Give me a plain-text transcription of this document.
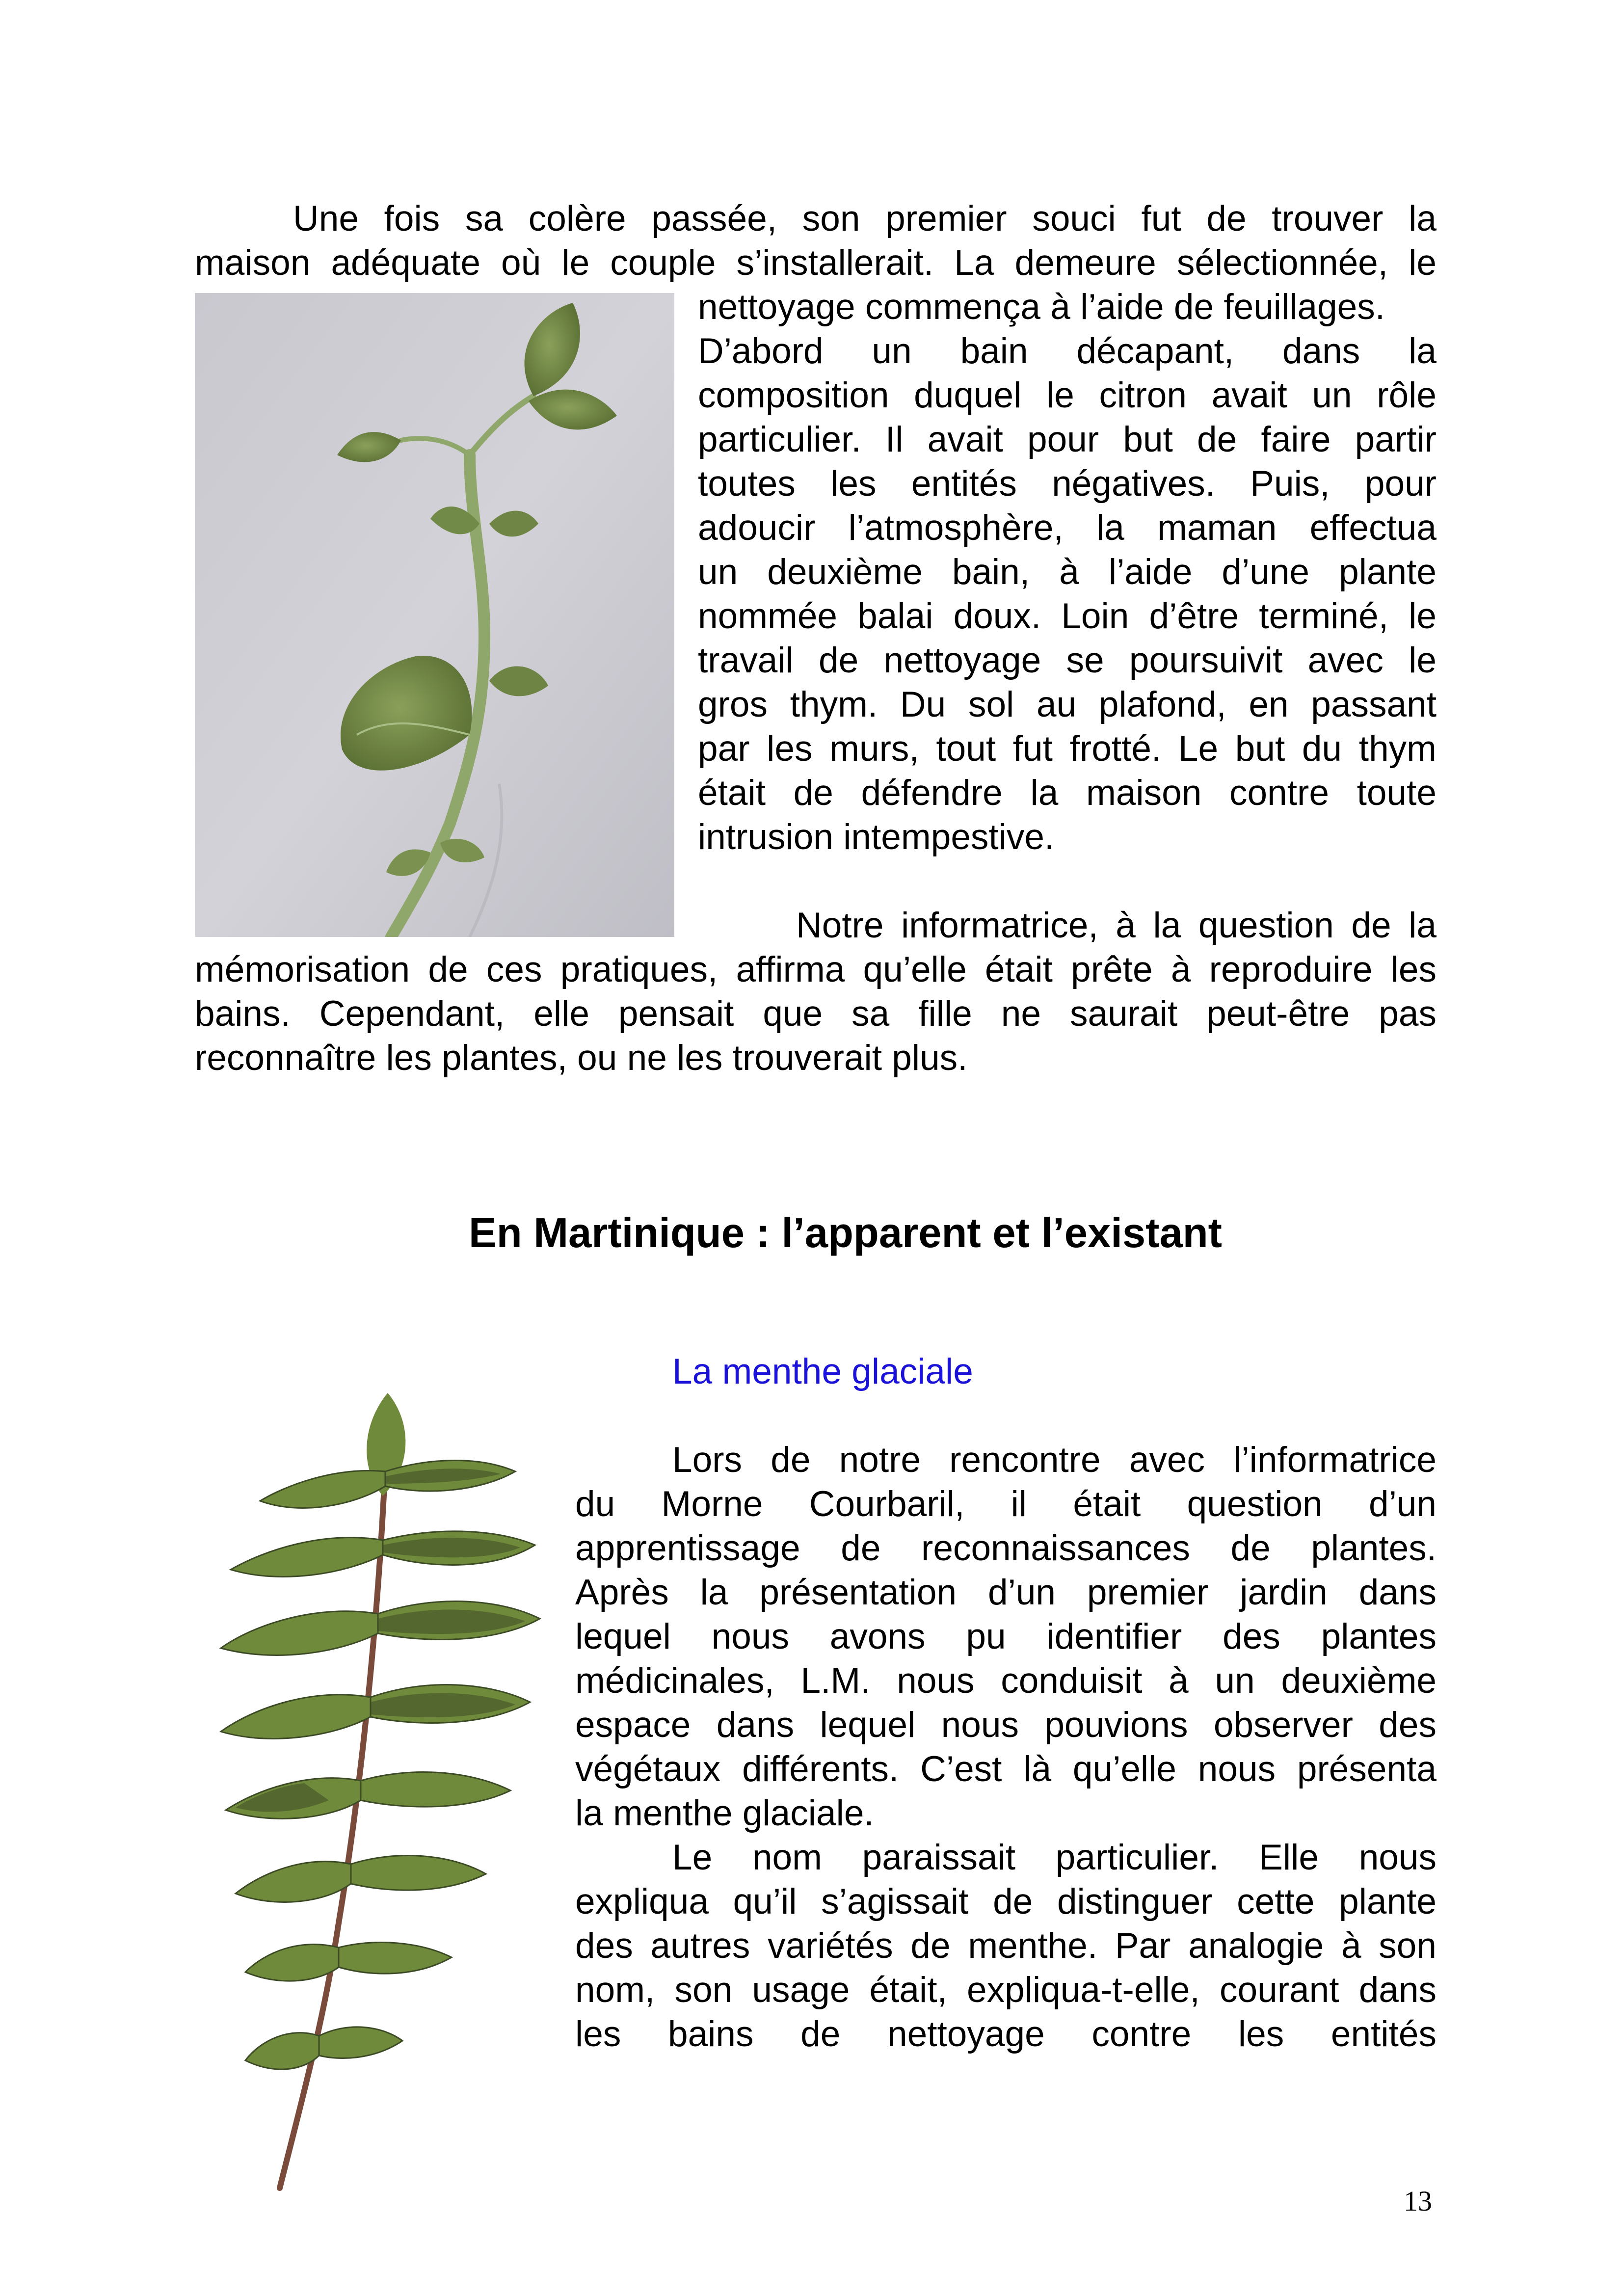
Une fois sa colère passée, son premier souci fut de trouver la
maison adéquate où le couple s’installerait. La demeure sélectionnée, le
nettoyage commença à l’aide de feuillages.
D’abord un bain décapant, dans la
composition duquel le citron avait un rôle
particulier. Il avait pour but de faire partir
toutes les entités négatives. Puis, pour
adoucir l’atmosphère, la maman effectua
un deuxième bain, à l’aide d’une plante
nommée balai doux. Loin d’être terminé, le
travail de nettoyage se poursuivit avec le
gros thym. Du sol au plafond, en passant
par les murs, tout fut frotté. Le but du thym
était de défendre la maison contre toute
intrusion intempestive.
Notre informatrice, à la question de la
mémorisation de ces pratiques, affirma qu’elle était prête à reproduire les
bains. Cependant, elle pensait que sa fille ne saurait peut-être pas
reconnaître les plantes, ou ne les trouverait plus.
En Martinique : l’apparent et l’existant
La menthe glaciale
Lors de notre rencontre avec l’informatrice
du Morne Courbaril, il était question d’un
apprentissage de reconnaissances de plantes.
Après la présentation d’un premier jardin dans
lequel nous avons pu identifier des plantes
médicinales, L.M. nous conduisit à un deuxième
espace dans lequel nous pouvions observer des
végétaux différents. C’est là qu’elle nous présenta
la menthe glaciale.
Le nom paraissait particulier. Elle nous
expliqua qu’il s’agissait de distinguer cette plante
des autres variétés de menthe. Par analogie à son
nom, son usage était, expliqua-t-elle, courant dans
les bains de nettoyage contre les entités
13
